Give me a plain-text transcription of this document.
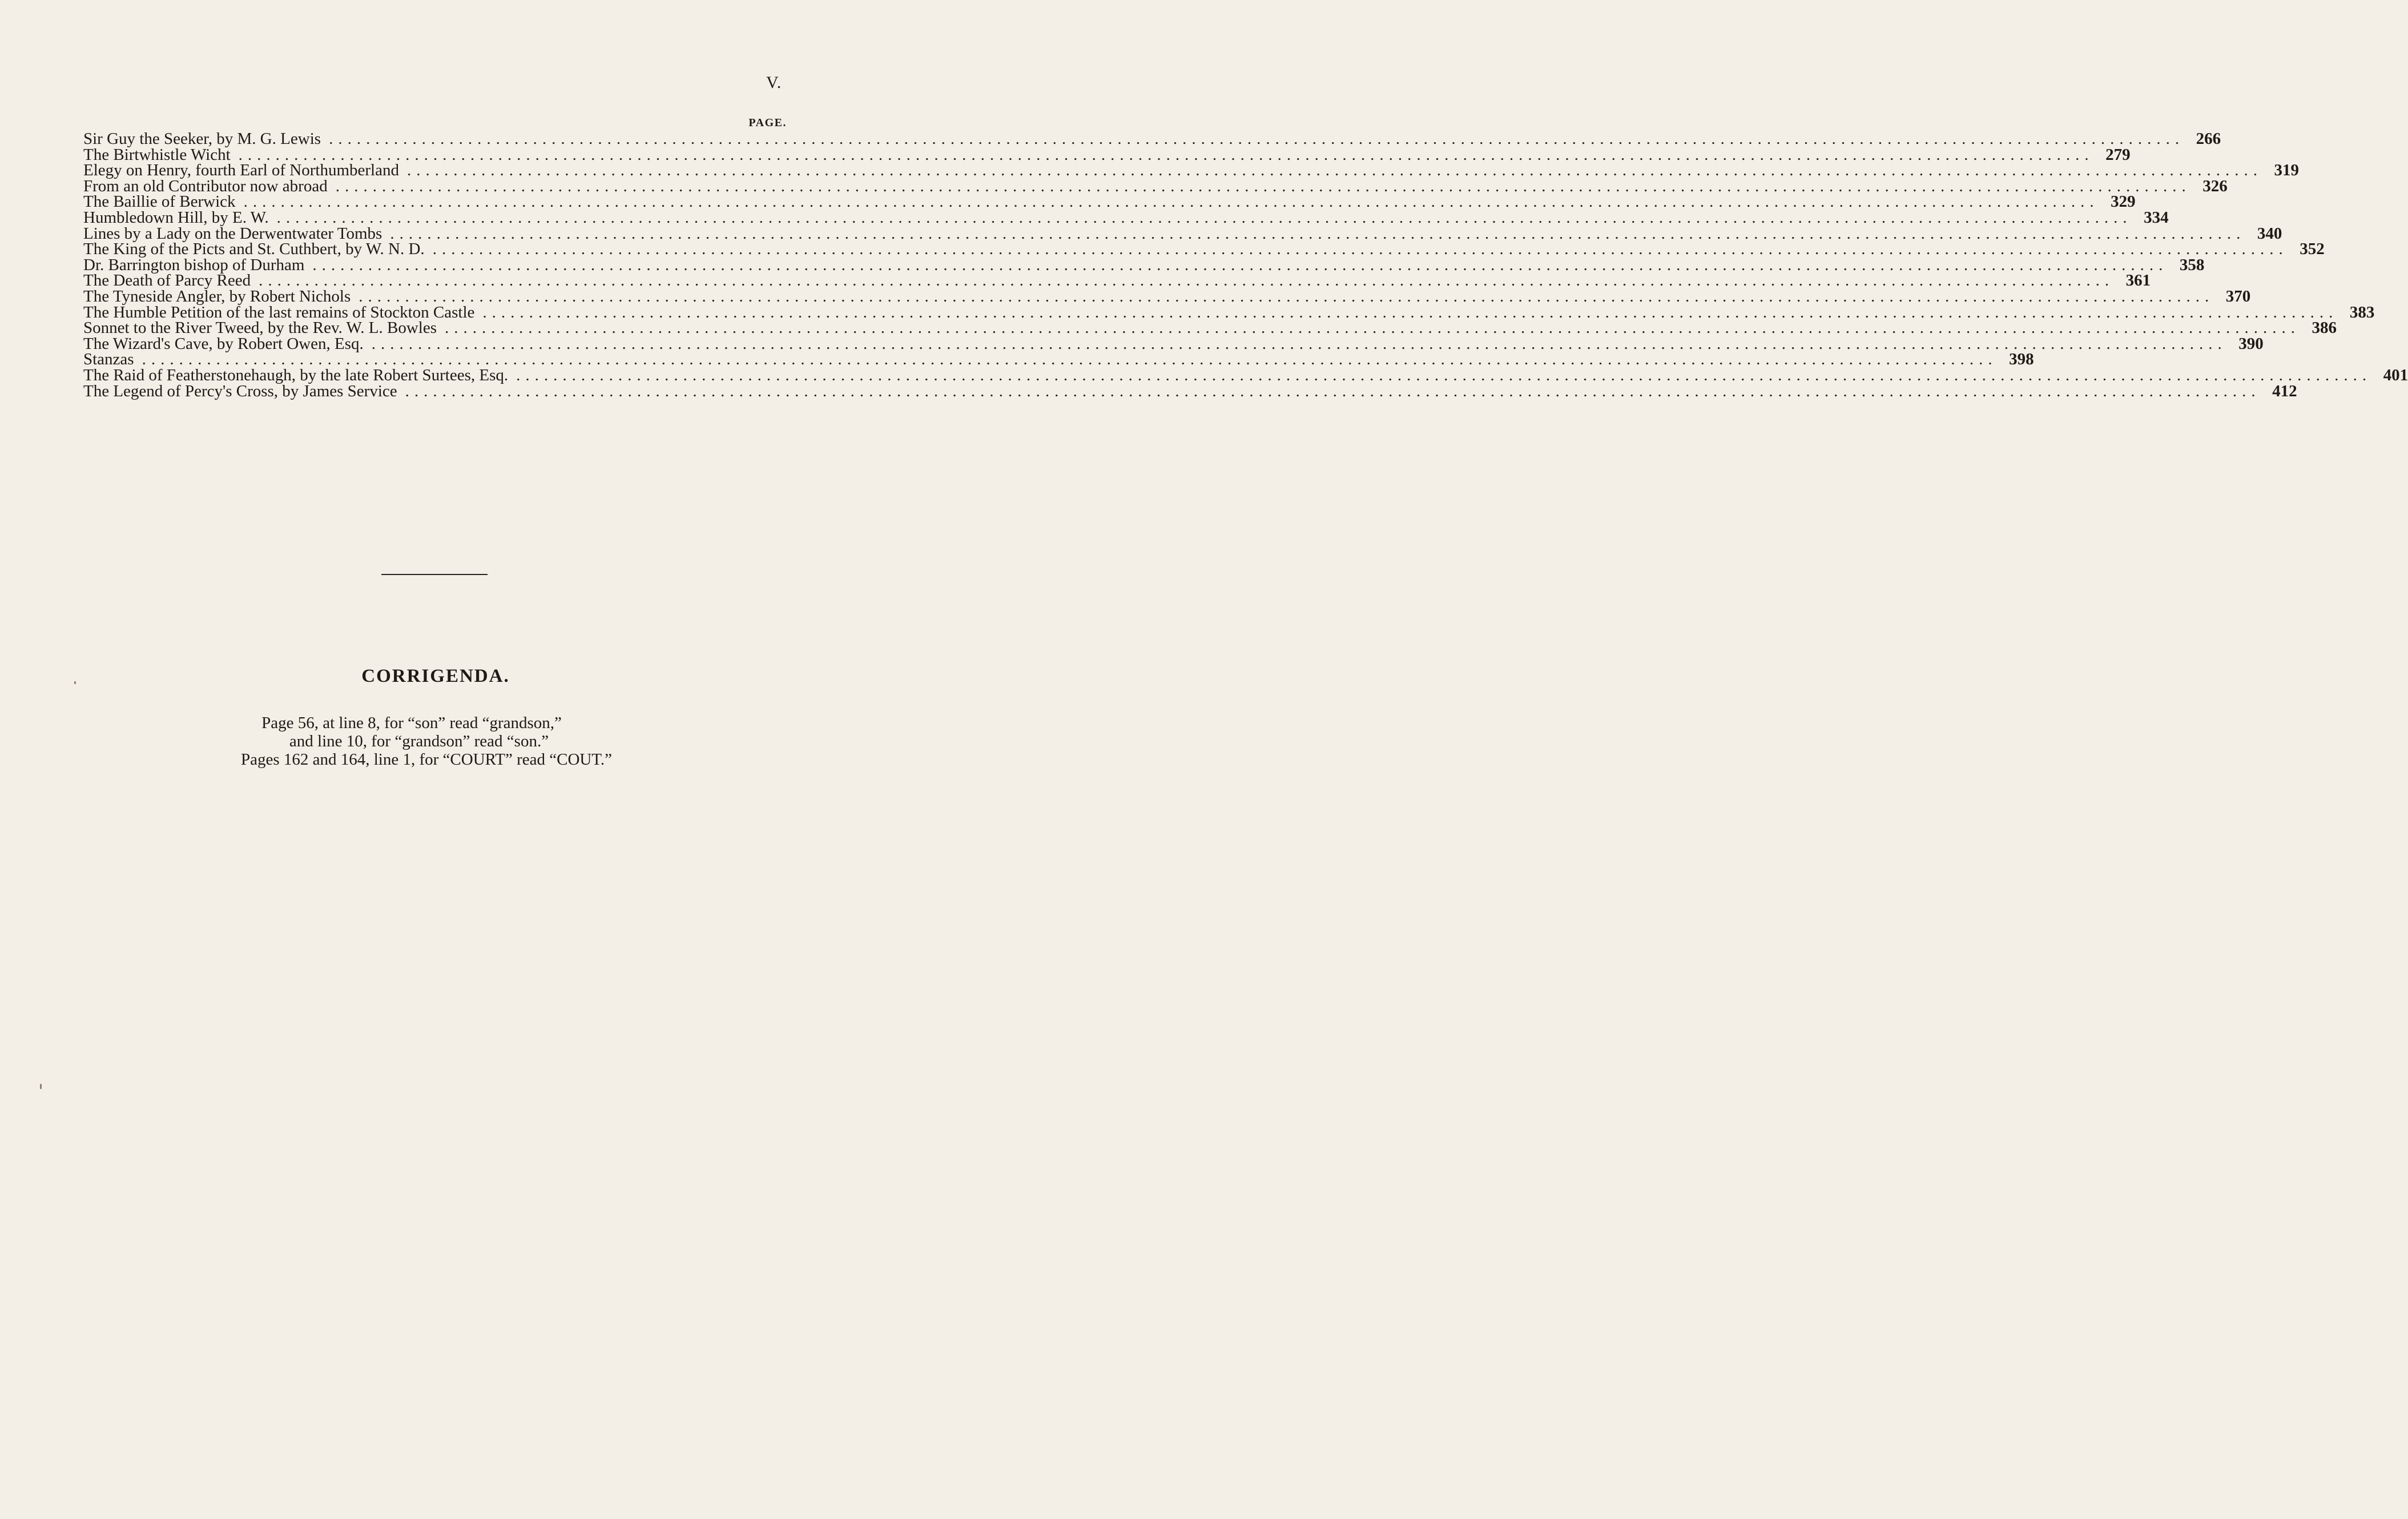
V.
PAGE.
Sir Guy the Seeker, by M. G. Lewis ........................................................................................................................................................................................................ 266
The Birtwhistle Wicht ........................................................................................................................................................................................................ 279
Elegy on Henry, fourth Earl of Northumberland ........................................................................................................................................................................................................ 319
From an old Contributor now abroad ........................................................................................................................................................................................................ 326
The Baillie of Berwick ........................................................................................................................................................................................................ 329
Humbledown Hill, by E. W. ........................................................................................................................................................................................................ 334
Lines by a Lady on the Derwentwater Tombs ........................................................................................................................................................................................................ 340
The King of the Picts and St. Cuthbert, by W. N. D. ........................................................................................................................................................................................................ 352
Dr. Barrington bishop of Durham ........................................................................................................................................................................................................ 358
The Death of Parcy Reed ........................................................................................................................................................................................................ 361
The Tyneside Angler, by Robert Nichols ........................................................................................................................................................................................................ 370
The Humble Petition of the last remains of Stockton Castle ........................................................................................................................................................................................................ 383
Sonnet to the River Tweed, by the Rev. W. L. Bowles ........................................................................................................................................................................................................ 386
The Wizard's Cave, by Robert Owen, Esq. ........................................................................................................................................................................................................ 390
Stanzas ........................................................................................................................................................................................................ 398
The Raid of Featherstonehaugh, by the late Robert Surtees, Esq. ........................................................................................................................................................................................................ 401
The Legend of Percy's Cross, by James Service ........................................................................................................................................................................................................ 412
CORRIGENDA.
Page 56, at line 8, for “son” read “grandson,”
and line 10, for “grandson” read “son.”
Pages 162 and 164, line 1, for “COURT” read “COUT.”
